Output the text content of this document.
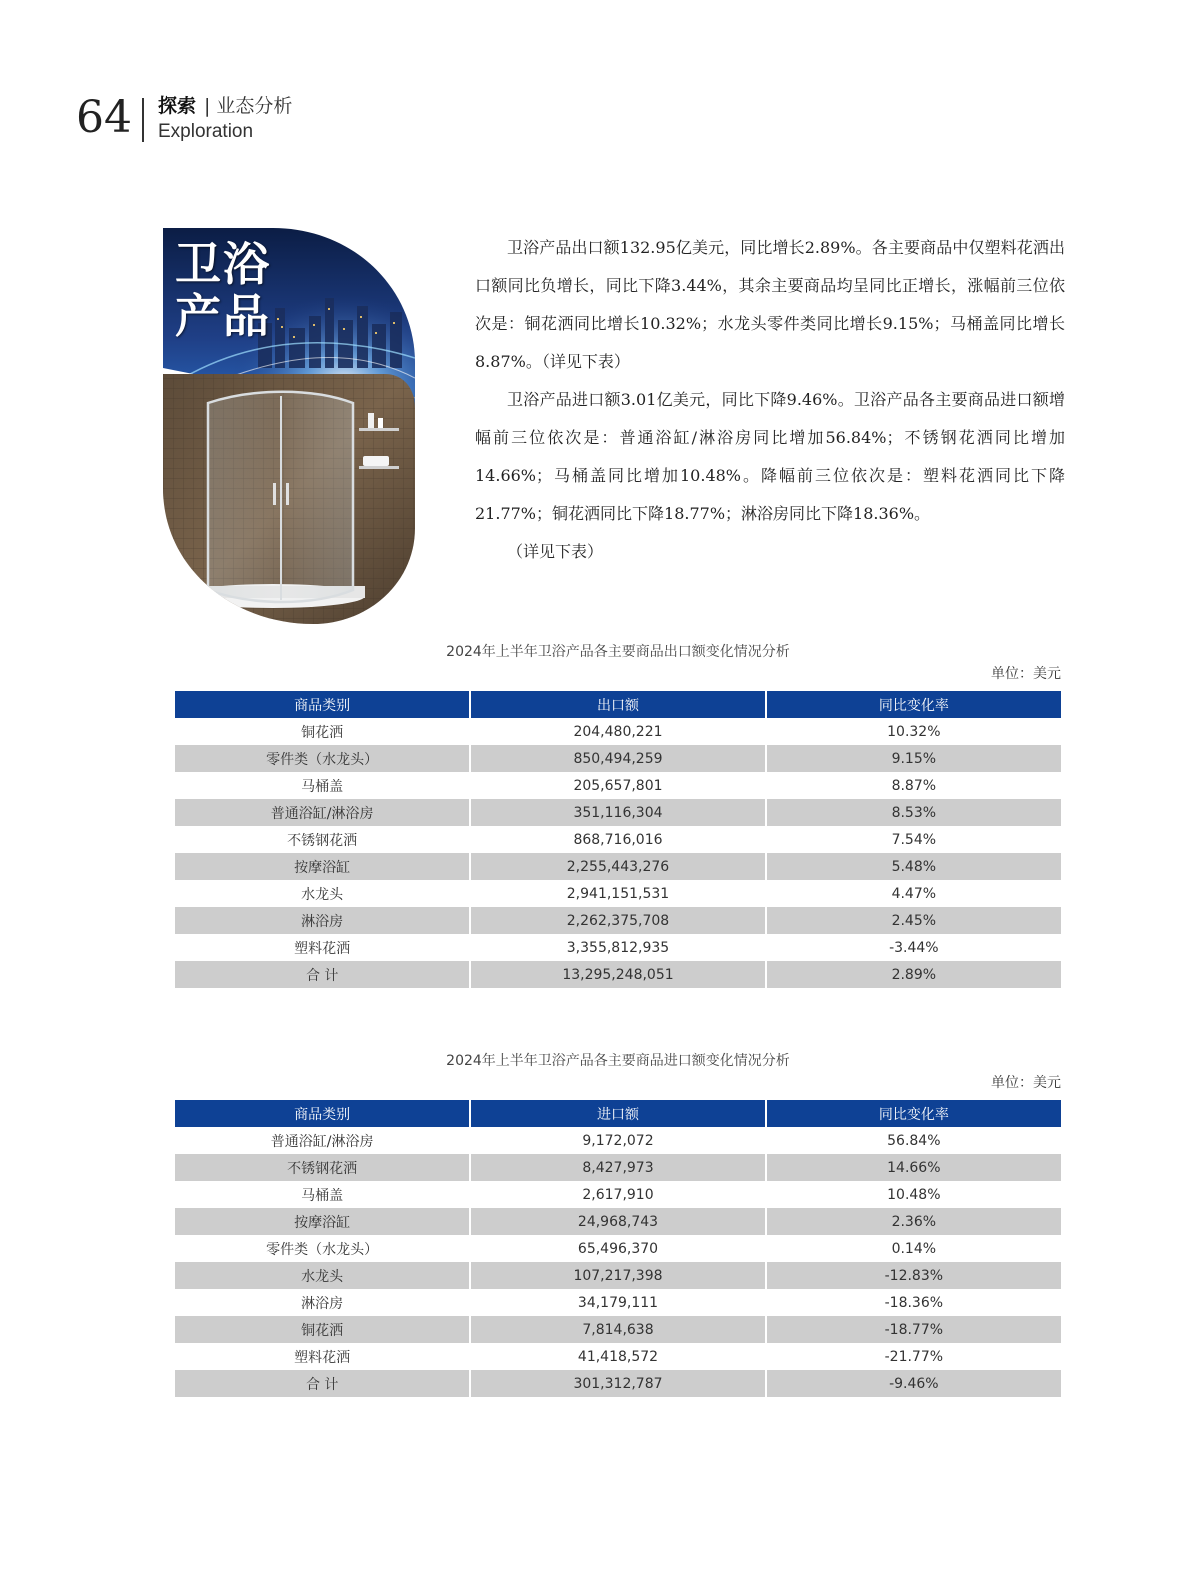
64 探索 | 业态分析
Exploration
卫浴
产品

卫浴产品出口额132.95亿美元，同比增长2.89%。各主要商品中仅塑料花洒出口额同比负增长，同比下降3.44%，其余主要商品均呈同比正增长，涨幅前三位依次是：铜花洒同比增长10.32%；水龙头零件类同比增长9.15%；马桶盖同比增长8.87%。（详见下表）

卫浴产品进口额3.01亿美元，同比下降9.46%。卫浴产品各主要商品进口额增幅前三位依次是：普通浴缸/淋浴房同比增加56.84%；不锈钢花洒同比增加14.66%；马桶盖同比增加10.48%。降幅前三位依次是：塑料花洒同比下降21.77%；铜花洒同比下降18.77%；淋浴房同比下降18.36%。

（详见下表）

2024年上半年卫浴产品各主要商品出口额变化情况分析
单位：美元
商品类别	出口额	同比变化率
铜花洒	204,480,221	10.32%
零件类（水龙头）	850,494,259	9.15%
马桶盖	205,657,801	8.87%
普通浴缸/淋浴房	351,116,304	8.53%
不锈钢花洒	868,716,016	7.54%
按摩浴缸	2,255,443,276	5.48%
水龙头	2,941,151,531	4.47%
淋浴房	2,262,375,708	2.45%
塑料花洒	3,355,812,935	-3.44%
合 计	13,295,248,051	2.89%
2024年上半年卫浴产品各主要商品进口额变化情况分析
单位：美元
商品类别	进口额	同比变化率
普通浴缸/淋浴房	9,172,072	56.84%
不锈钢花洒	8,427,973	14.66%
马桶盖	2,617,910	10.48%
按摩浴缸	24,968,743	2.36%
零件类（水龙头）	65,496,370	0.14%
水龙头	107,217,398	-12.83%
淋浴房	34,179,111	-18.36%
铜花洒	7,814,638	-18.77%
塑料花洒	41,418,572	-21.77%
合 计	301,312,787	-9.46%
